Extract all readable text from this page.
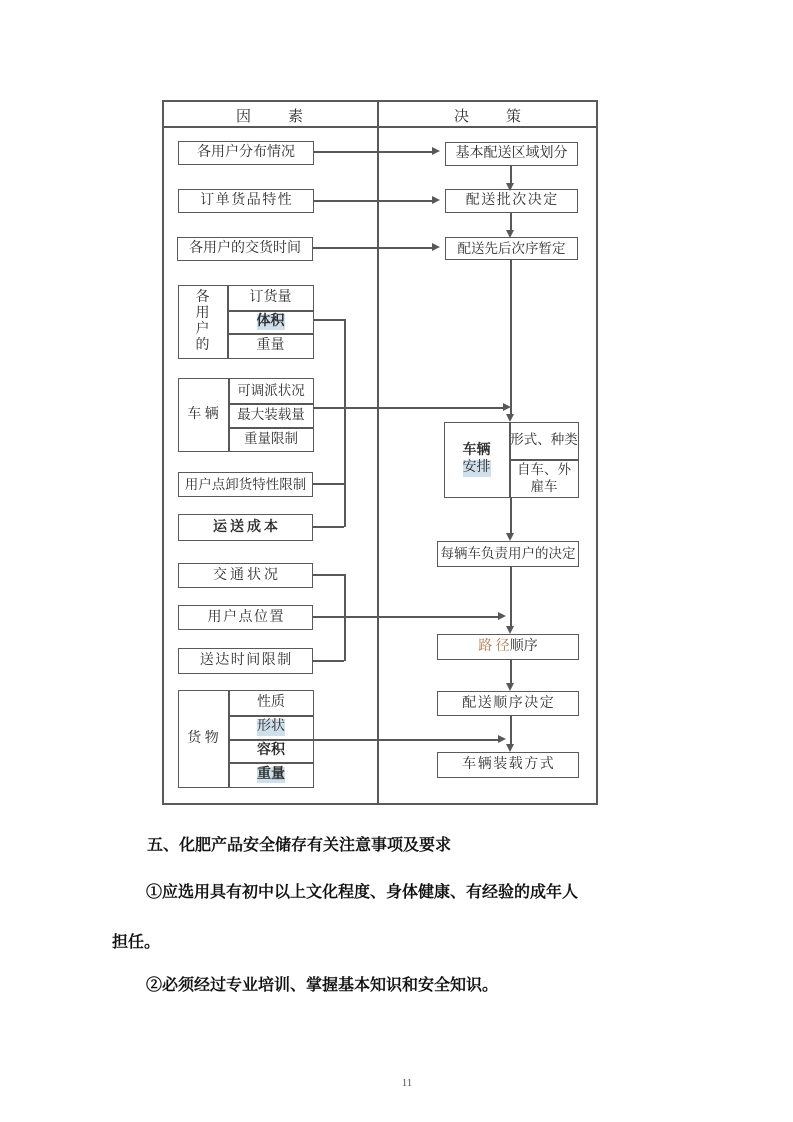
因　素	决　策
各用户分布情况
订单货品特性
各用户的交货时间
各用户的
订货量
体积
重量
车 辆
可调派状况
最大装载量
重量限制
用户点卸货特性限制
运送成本
交通状况
用户点位置
送达时间限制
货 物
性质
形状
容积
重量
基本配送区域划分
配送批次决定
配送先后次序暂定
车辆
安排
形式、种类
自车、外雇车
每辆车负责用户的决定
路 径 顺序
配送顺序决定
车辆装载方式
五、化肥产品安全储存有关注意事项及要求
①应选用具有初中以上文化程度、身体健康、有经验的成年人
担任。
②必须经过专业培训、掌握基本知识和安全知识。
11
